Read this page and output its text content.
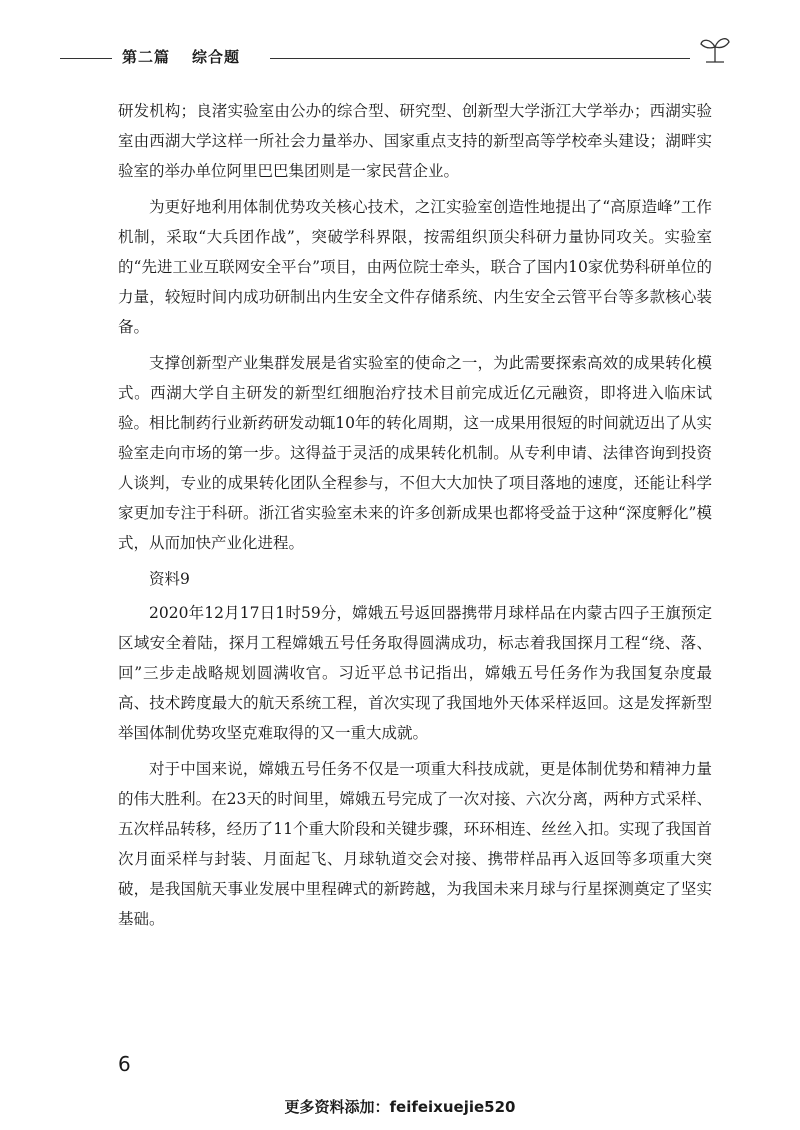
第二篇 综合题

研发机构；良渚实验室由公办的综合型、研究型、创新型大学浙江大学举办；西湖实验室由西湖大学这样一所社会力量举办、国家重点支持的新型高等学校牵头建设；湖畔实验室的举办单位阿里巴巴集团则是一家民营企业。

为更好地利用体制优势攻关核心技术，之江实验室创造性地提出了“高原造峰”工作机制，采取“大兵团作战”，突破学科界限，按需组织顶尖科研力量协同攻关。实验室的“先进工业互联网安全平台”项目，由两位院士牵头，联合了国内10家优势科研单位的力量，较短时间内成功研制出内生安全文件存储系统、内生安全云管平台等多款核心装备。

支撑创新型产业集群发展是省实验室的使命之一，为此需要探索高效的成果转化模式。西湖大学自主研发的新型红细胞治疗技术目前完成近亿元融资，即将进入临床试验。相比制药行业新药研发动辄10年的转化周期，这一成果用很短的时间就迈出了从实验室走向市场的第一步。这得益于灵活的成果转化机制。从专利申请、法律咨询到投资人谈判，专业的成果转化团队全程参与，不但大大加快了项目落地的速度，还能让科学家更加专注于科研。浙江省实验室未来的许多创新成果也都将受益于这种“深度孵化”模式，从而加快产业化进程。

资料9

2020年12月17日1时59分，嫦娥五号返回器携带月球样品在内蒙古四子王旗预定区域安全着陆，探月工程嫦娥五号任务取得圆满成功，标志着我国探月工程“绕、落、回”三步走战略规划圆满收官。习近平总书记指出，嫦娥五号任务作为我国复杂度最高、技术跨度最大的航天系统工程，首次实现了我国地外天体采样返回。这是发挥新型举国体制优势攻坚克难取得的又一重大成就。

对于中国来说，嫦娥五号任务不仅是一项重大科技成就，更是体制优势和精神力量的伟大胜利。在23天的时间里，嫦娥五号完成了一次对接、六次分离，两种方式采样、五次样品转移，经历了11个重大阶段和关键步骤，环环相连、丝丝入扣。实现了我国首次月面采样与封装、月面起飞、月球轨道交会对接、携带样品再入返回等多项重大突破，是我国航天事业发展中里程碑式的新跨越，为我国未来月球与行星探测奠定了坚实基础。

6
更多资料添加：feifeixuejie520
